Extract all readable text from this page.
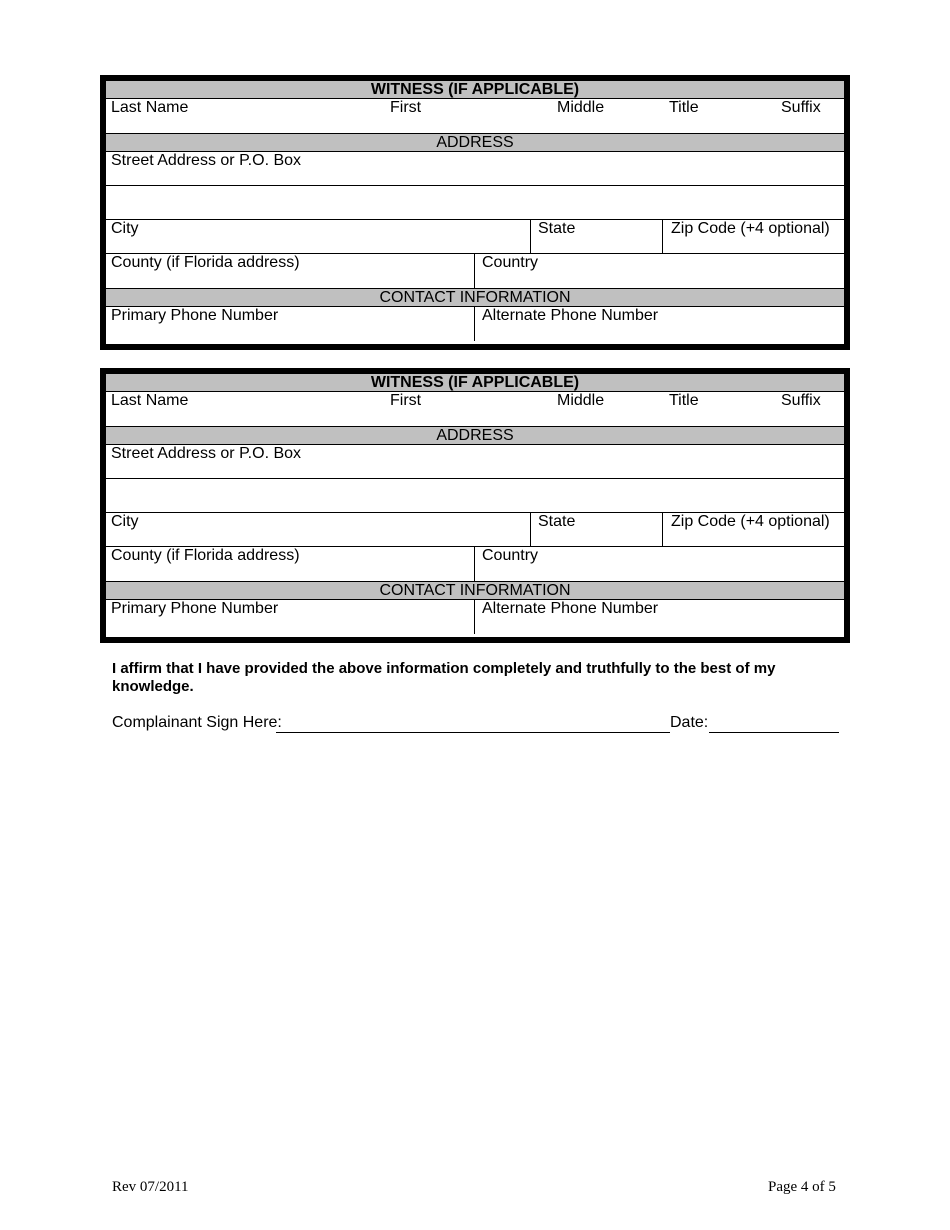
WITNESS (IF APPLICABLE)
Last Name	First	Middle	Title	Suffix
ADDRESS
Street Address or P.O. Box
City	State	Zip Code (+4 optional)
County (if Florida address)	Country
CONTACT INFORMATION
Primary Phone Number	Alternate Phone Number
WITNESS (IF APPLICABLE)
Last Name	First	Middle	Title	Suffix
ADDRESS
Street Address or P.O. Box
City	State	Zip Code (+4 optional)
County (if Florida address)	Country
CONTACT INFORMATION
Primary Phone Number	Alternate Phone Number
I affirm that I have provided the above information completely and truthfully to the best of my knowledge.
Complainant Sign Here:	Date:
Rev 07/2011	Page 4 of 5
